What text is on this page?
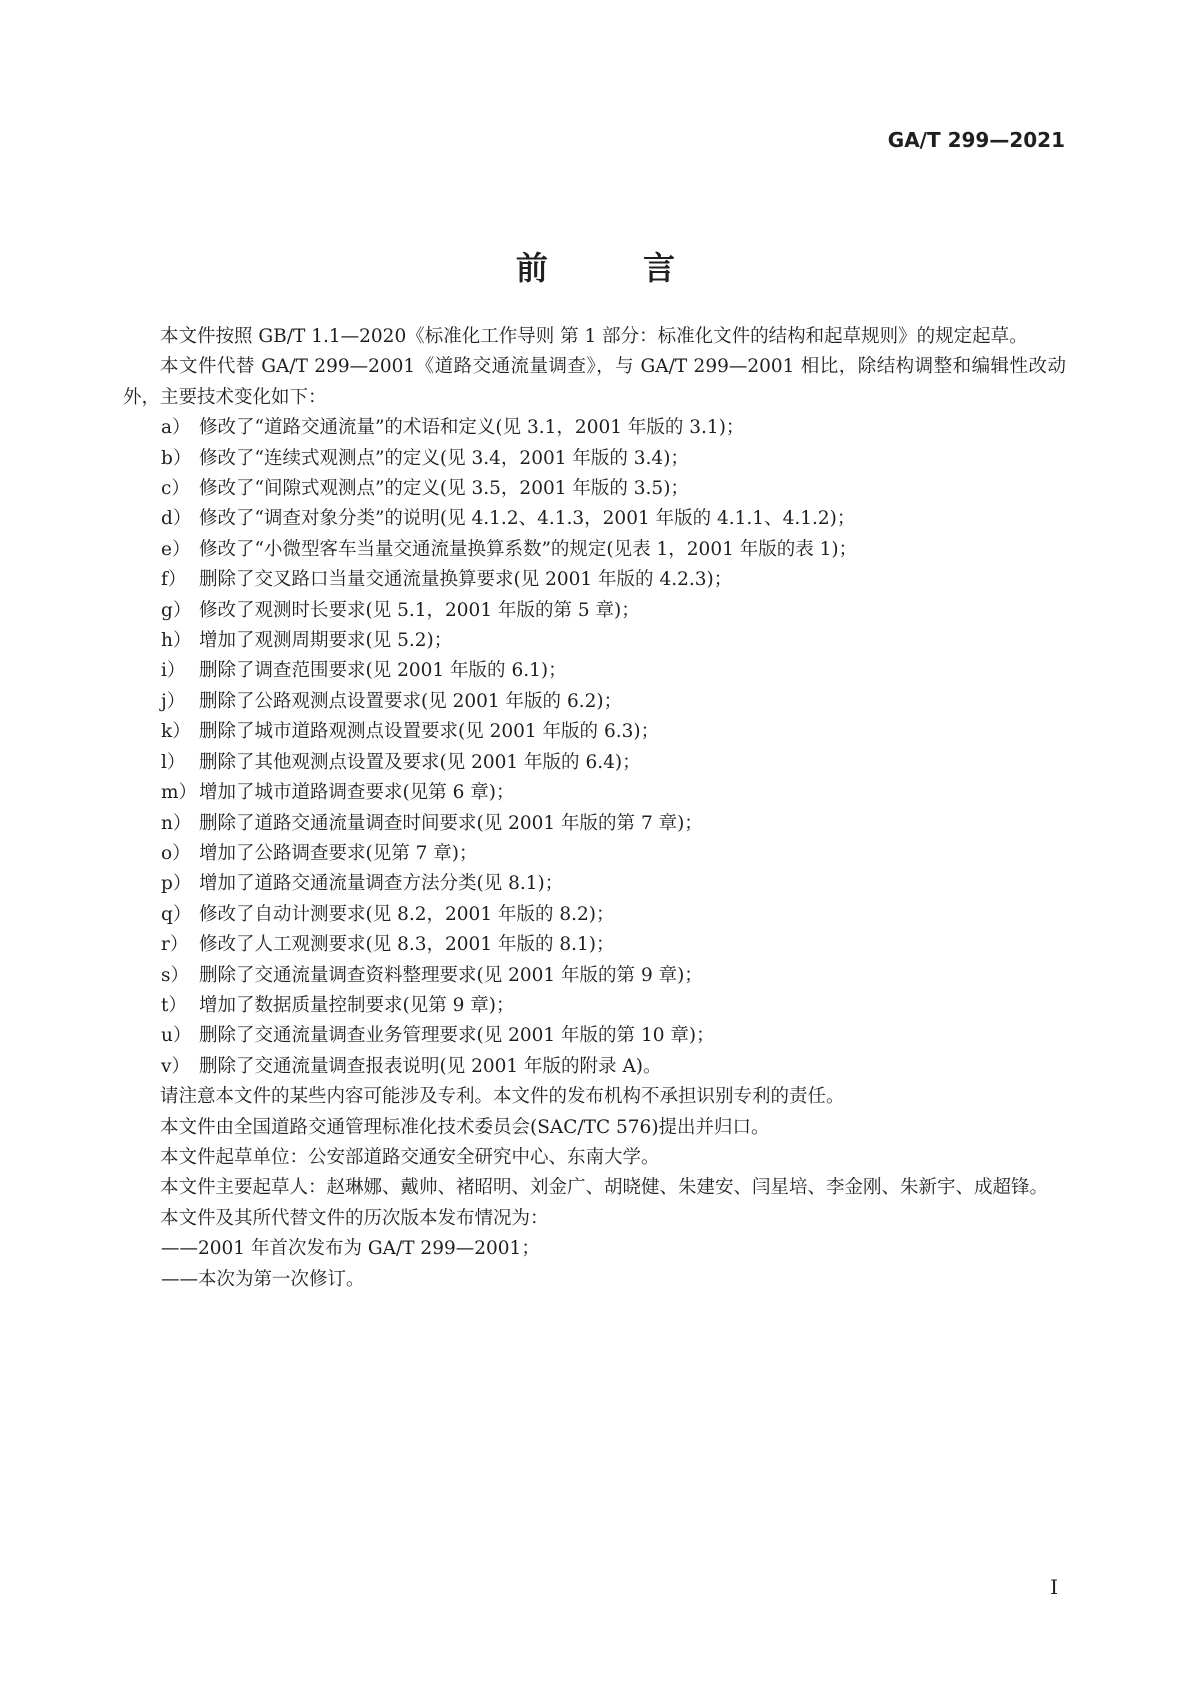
GA/T 299—2021
前 言

本文件按照 GB/T 1.1—2020《标准化工作导则 第 1 部分：标准化文件的结构和起草规则》的规定起草。

本文件代替 GA/T 299—2001《道路交通流量调查》，与 GA/T 299—2001 相比，除结构调整和编辑性改动外，主要技术变化如下：

a） 修改了“道路交通流量”的术语和定义(见 3.1，2001 年版的 3.1)；
b） 修改了“连续式观测点”的定义(见 3.4，2001 年版的 3.4)；
c） 修改了“间隙式观测点”的定义(见 3.5，2001 年版的 3.5)；
d） 修改了“调查对象分类”的说明(见 4.1.2、4.1.3，2001 年版的 4.1.1、4.1.2)；
e） 修改了“小微型客车当量交通流量换算系数”的规定(见表 1，2001 年版的表 1)；
f） 删除了交叉路口当量交通流量换算要求(见 2001 年版的 4.2.3)；
g） 修改了观测时长要求(见 5.1，2001 年版的第 5 章)；
h） 增加了观测周期要求(见 5.2)；
i） 删除了调查范围要求(见 2001 年版的 6.1)；
j） 删除了公路观测点设置要求(见 2001 年版的 6.2)；
k） 删除了城市道路观测点设置要求(见 2001 年版的 6.3)；
l） 删除了其他观测点设置及要求(见 2001 年版的 6.4)；
m） 增加了城市道路调查要求(见第 6 章)；
n） 删除了道路交通流量调查时间要求(见 2001 年版的第 7 章)；
o） 增加了公路调查要求(见第 7 章)；
p） 增加了道路交通流量调查方法分类(见 8.1)；
q） 修改了自动计测要求(见 8.2，2001 年版的 8.2)；
r） 修改了人工观测要求(见 8.3，2001 年版的 8.1)；
s） 删除了交通流量调查资料整理要求(见 2001 年版的第 9 章)；
t） 增加了数据质量控制要求(见第 9 章)；
u） 删除了交通流量调查业务管理要求(见 2001 年版的第 10 章)；
v） 删除了交通流量调查报表说明(见 2001 年版的附录 A)。

请注意本文件的某些内容可能涉及专利。本文件的发布机构不承担识别专利的责任。

本文件由全国道路交通管理标准化技术委员会(SAC/TC 576)提出并归口。

本文件起草单位：公安部道路交通安全研究中心、东南大学。

本文件主要起草人：赵琳娜、戴帅、褚昭明、刘金广、胡晓健、朱建安、闫星培、李金刚、朱新宇、成超锋。

本文件及其所代替文件的历次版本发布情况为：

——2001 年首次发布为 GA/T 299—2001；
——本次为第一次修订。
I
